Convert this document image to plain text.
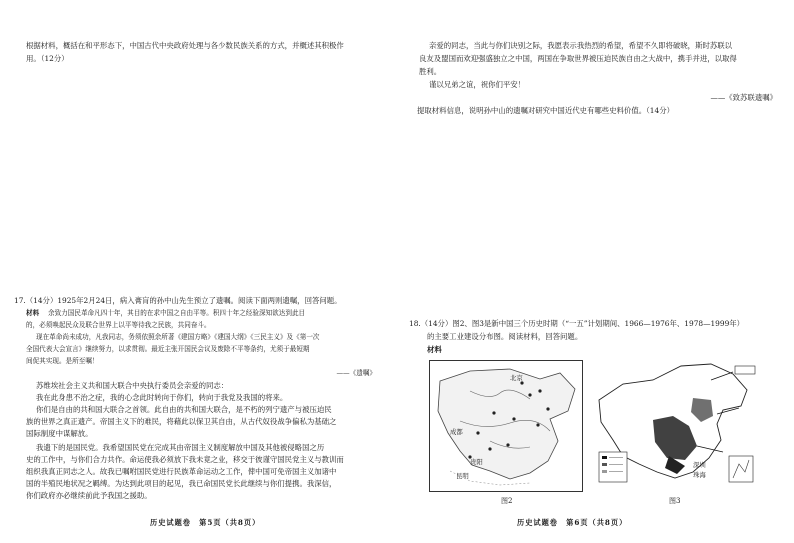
根据材料，概括在和平形态下，中国古代中央政府处理与各少数民族关系的方式，并概述其积极作

用。（12分）

17.（14分）1925年2月24日，病入膏肓的孙中山先生预立了遗嘱。阅读下面两则遗嘱，回答问题。

材料 余致力国民革命凡四十年，其目的在求中国之自由平等。积四十年之经验深知欲达到此目

的，必须唤起民众及联合世界上以平等待我之民族，共同奋斗。

现在革命尚未成功，凡我同志，务须依照余所著《建国方略》《建国大纲》《三民主义》及《第一次

全国代表大会宣言》继续努力，以求贯彻。最近主张开国民会议及废除不平等条约，尤须于最短期

间促其实现。是所至嘱！

——《遗嘱》

苏维埃社会主义共和国大联合中央执行委员会亲爱的同志：

我在此身患不治之症，我的心念此时转向于你们，转向于我党及我国的将来。

你们是自由的共和国大联合之首领。此自由的共和国大联合，是不朽的列宁遗产与被压迫民

族的世界之真正遗产。帝国主义下的难民，将藉此以保卫其自由，从古代奴役战争偏私为基础之

国际制度中谋解放。

我遗下的是国民党。我希望国民党在完成其由帝国主义制度解放中国及其他被侵略国之历

史的工作中，与你们合力共作。命运使我必须放下我未竟之业，移交于彼谨守国民党主义与教训而

组织我真正同志之人。故我已嘱咐国民党进行民族革命运动之工作，俾中国可免帝国主义加诸中

国的半殖民地状况之羁缚。为达到此项目的起见，我已命国民党长此继续与你们提携。我深信，

你们政府亦必继续前此予我国之援助。

历史试题卷　第5页（共8页）

亲爱的同志，当此与你们诀别之际，我愿表示我热烈的希望，希望不久即将破晓，斯时苏联以

良友及盟国而欢迎强盛独立之中国，两国在争取世界被压迫民族自由之大战中，携手并进，以取得

胜利。

谨以兄弟之谊，祝你们平安！

——《致苏联遗嘱》

提取材料信息，说明孙中山的遗嘱对研究中国近代史有哪些史料价值。（14分）

18.（14分）图2、图3是新中国三个历史时期（“一五”计划期间、1966—1976年、1978—1999年）

的主要工业建设分布图。阅读材料，回答问题。

材料

北京
成都
贵阳
昆明
深圳
珠海
图2	图3
历史试题卷　第6页（共8页）
